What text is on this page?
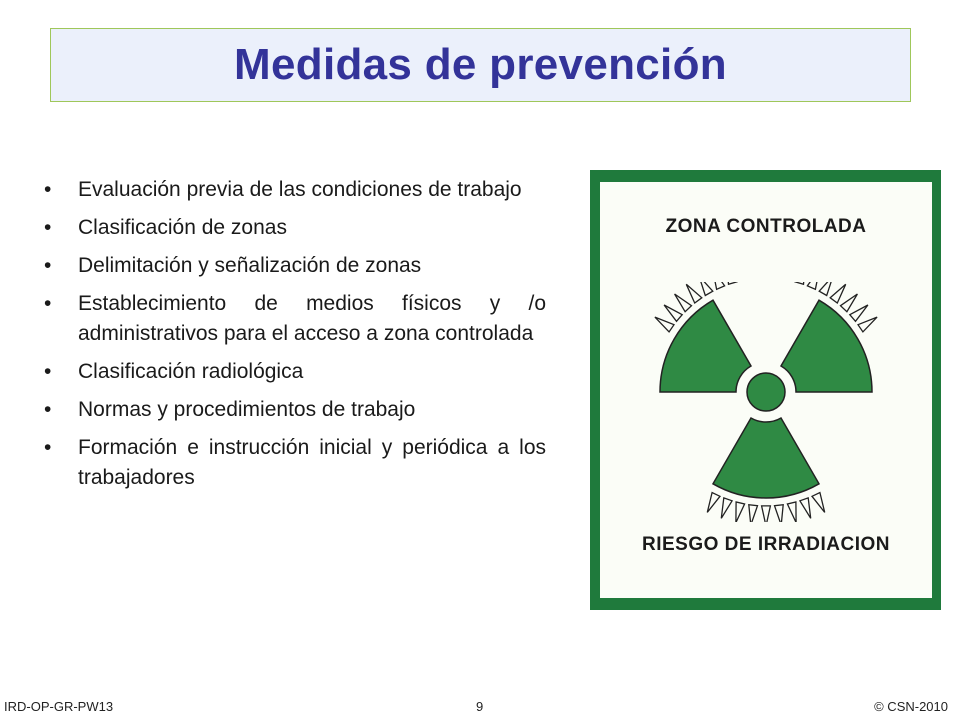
Medidas de prevención
• Evaluación previa de las condiciones de trabajo
• Clasificación de zonas
• Delimitación y señalización de zonas
• Establecimiento de medios físicos y /o administrativos para el acceso a zona controlada
• Clasificación radiológica
• Normas y procedimientos de trabajo
• Formación e instrucción inicial y periódica a los trabajadores
ZONA CONTROLADA
RIESGO DE IRRADIACION
IRD-OP-GR-PW13	9	© CSN-2010
